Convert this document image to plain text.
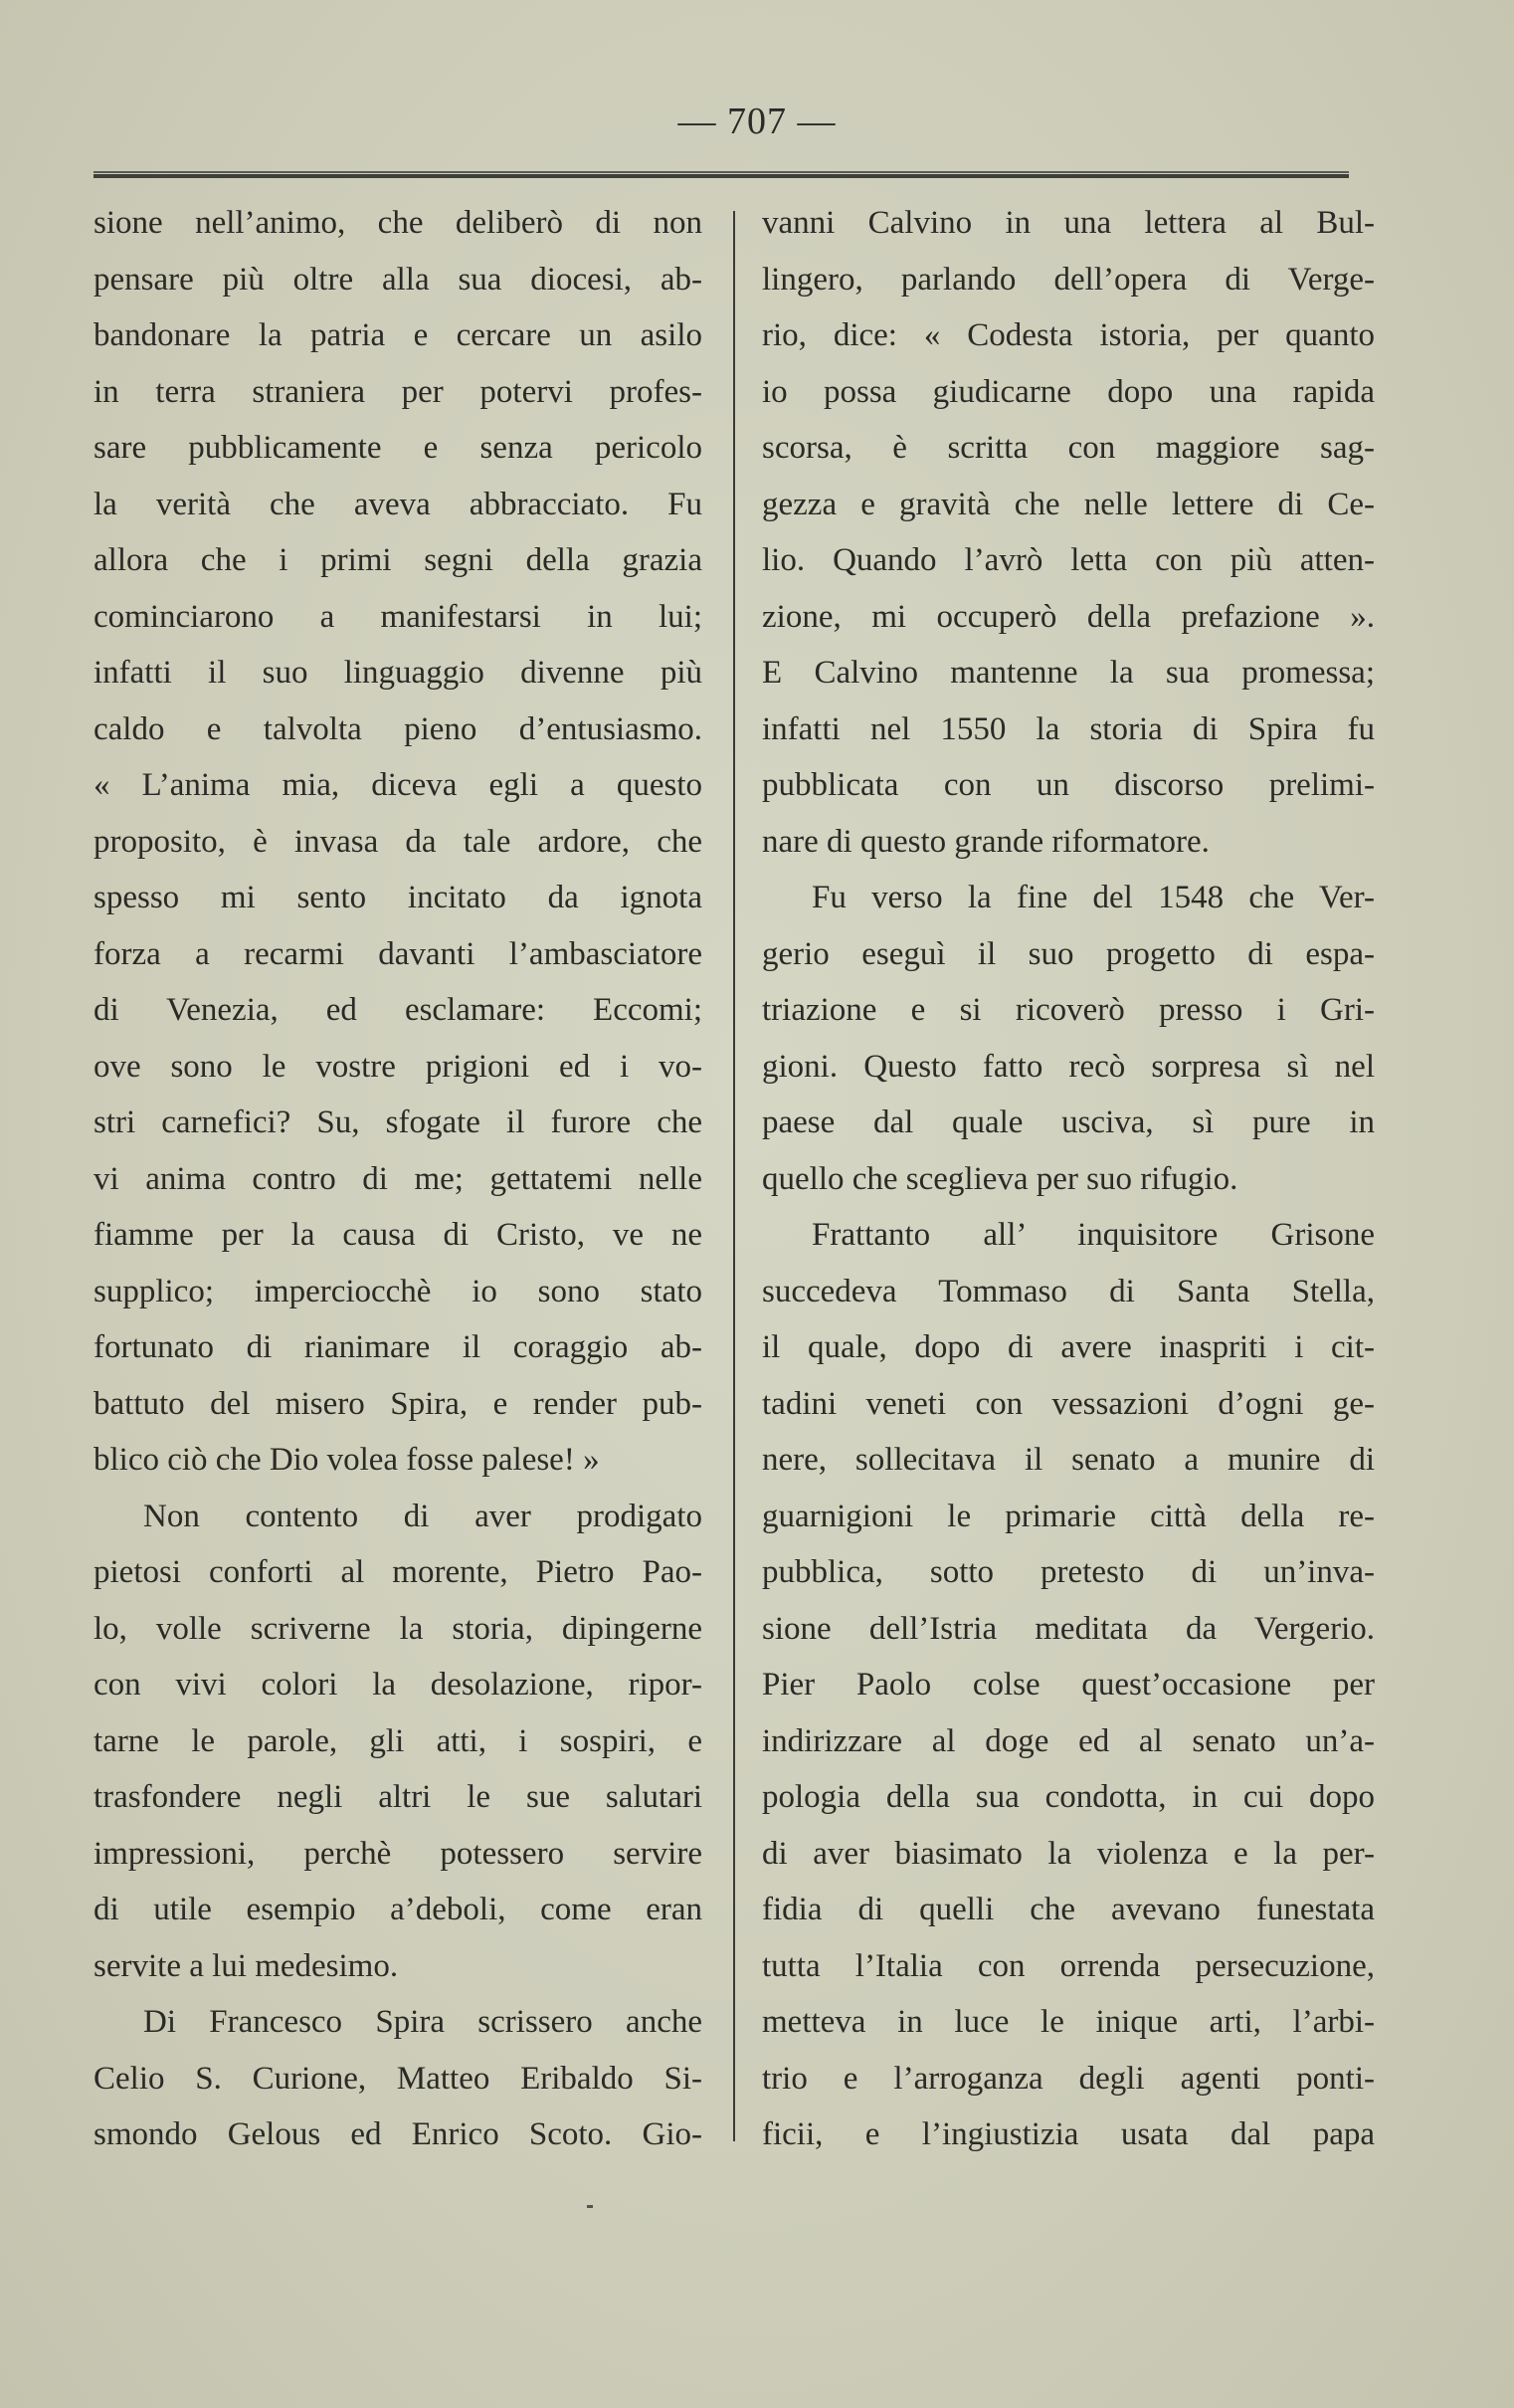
— 707 —
sione nell’animo, che deliberò di non
pensare più oltre alla sua diocesi, ab-
bandonare la patria e cercare un asilo
in terra straniera per potervi profes-
sare pubblicamente e senza pericolo
la verità che aveva abbracciato. Fu
allora che i primi segni della grazia
cominciarono a manifestarsi in lui;
infatti il suo linguaggio divenne più
caldo e talvolta pieno d’entusiasmo.
« L’anima mia, diceva egli a questo
proposito, è invasa da tale ardore, che
spesso mi sento incitato da ignota
forza a recarmi davanti l’ambasciatore
di Venezia, ed esclamare: Eccomi;
ove sono le vostre prigioni ed i vo-
stri carnefici? Su, sfogate il furore che
vi anima contro di me; gettatemi nelle
fiamme per la causa di Cristo, ve ne
supplico; imperciocchè io sono stato
fortunato di rianimare il coraggio ab-
battuto del misero Spira, e render pub-
blico ciò che Dio volea fosse palese! »
Non contento di aver prodigato
pietosi conforti al morente, Pietro Pao-
lo, volle scriverne la storia, dipingerne
con vivi colori la desolazione, ripor-
tarne le parole, gli atti, i sospiri, e
trasfondere negli altri le sue salutari
impressioni, perchè potessero servire
di utile esempio a’deboli, come eran
servite a lui medesimo.
Di Francesco Spira scrissero anche
Celio S. Curione, Matteo Eribaldo Si-
smondo Gelous ed Enrico Scoto. Gio-
vanni Calvino in una lettera al Bul-
lingero, parlando dell’opera di Verge-
rio, dice: « Codesta istoria, per quanto
io possa giudicarne dopo una rapida
scorsa, è scritta con maggiore sag-
gezza e gravità che nelle lettere di Ce-
lio. Quando l’avrò letta con più atten-
zione, mi occuperò della prefazione ».
E Calvino mantenne la sua promessa;
infatti nel 1550 la storia di Spira fu
pubblicata con un discorso prelimi-
nare di questo grande riformatore.
Fu verso la fine del 1548 che Ver-
gerio eseguì il suo progetto di espa-
triazione e si ricoverò presso i Gri-
gioni. Questo fatto recò sorpresa sì nel
paese dal quale usciva, sì pure in
quello che sceglieva per suo rifugio.
Frattanto all’ inquisitore Grisone
succedeva Tommaso di Santa Stella,
il quale, dopo di avere inaspriti i cit-
tadini veneti con vessazioni d’ogni ge-
nere, sollecitava il senato a munire di
guarnigioni le primarie città della re-
pubblica, sotto pretesto di un’inva-
sione dell’Istria meditata da Vergerio.
Pier Paolo colse quest’occasione per
indirizzare al doge ed al senato un’a-
pologia della sua condotta, in cui dopo
di aver biasimato la violenza e la per-
fidia di quelli che avevano funestata
tutta l’Italia con orrenda persecuzione,
metteva in luce le inique arti, l’arbi-
trio e l’arroganza degli agenti ponti-
ficii, e l’ingiustizia usata dal papa
